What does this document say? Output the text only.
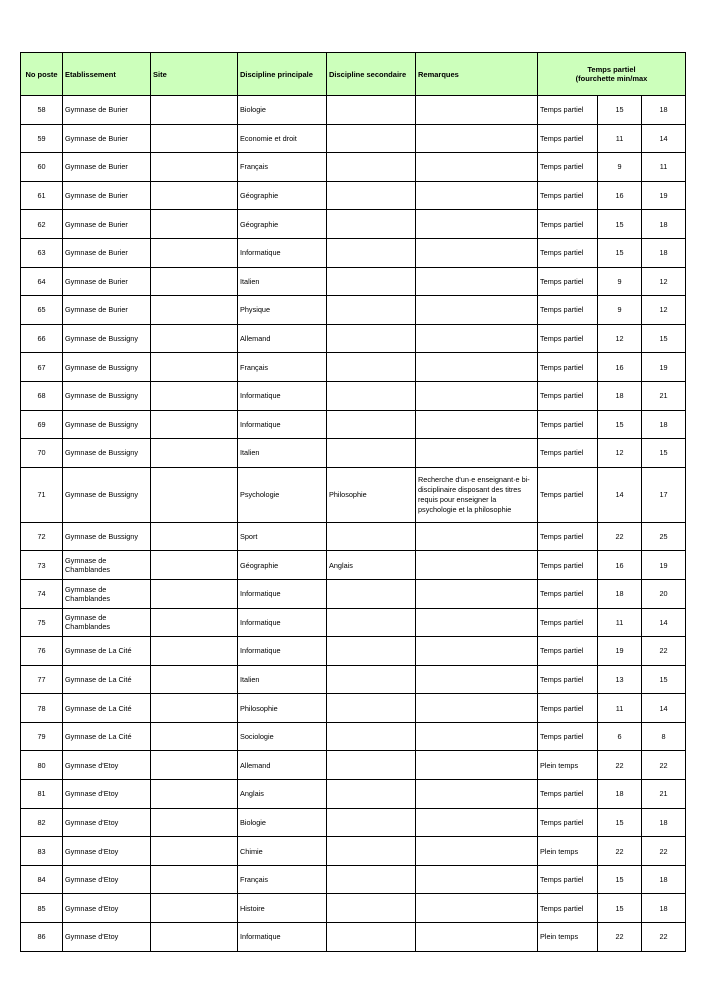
No poste	Etablissement	Site	Discipline principale	Discipline secondaire	Remarques	Temps partiel
(fourchette min/max		

58	Gymnase de Burier		Biologie			Temps partiel	15	18
59	Gymnase de Burier		Economie et droit			Temps partiel	11	14
60	Gymnase de Burier		Français			Temps partiel	9	11
61	Gymnase de Burier		Géographie			Temps partiel	16	19
62	Gymnase de Burier		Géographie			Temps partiel	15	18
63	Gymnase de Burier		Informatique			Temps partiel	15	18
64	Gymnase de Burier		Italien			Temps partiel	9	12
65	Gymnase de Burier		Physique			Temps partiel	9	12
66	Gymnase de Bussigny		Allemand			Temps partiel	12	15
67	Gymnase de Bussigny		Français			Temps partiel	16	19
68	Gymnase de Bussigny		Informatique			Temps partiel	18	21
69	Gymnase de Bussigny		Informatique			Temps partiel	15	18
70	Gymnase de Bussigny		Italien			Temps partiel	12	15
71	Gymnase de Bussigny		Psychologie	Philosophie	Recherche d'un·e enseignant·e bi-disciplinaire disposant des titres requis pour enseigner la psychologie et la philosophie	Temps partiel	14	17
72	Gymnase de Bussigny		Sport			Temps partiel	22	25
73	Gymnase de Chamblandes		Géographie	Anglais		Temps partiel	16	19
74	Gymnase de Chamblandes		Informatique			Temps partiel	18	20
75	Gymnase de Chamblandes		Informatique			Temps partiel	11	14
76	Gymnase de La Cité		Informatique			Temps partiel	19	22
77	Gymnase de La Cité		Italien			Temps partiel	13	15
78	Gymnase de La Cité		Philosophie			Temps partiel	11	14
79	Gymnase de La Cité		Sociologie			Temps partiel	6	8
80	Gymnase d'Etoy		Allemand			Plein temps	22	22
81	Gymnase d'Etoy		Anglais			Temps partiel	18	21
82	Gymnase d'Etoy		Biologie			Temps partiel	15	18
83	Gymnase d'Etoy		Chimie			Plein temps	22	22
84	Gymnase d'Etoy		Français			Temps partiel	15	18
85	Gymnase d'Etoy		Histoire			Temps partiel	15	18
86	Gymnase d'Etoy		Informatique			Plein temps	22	22
